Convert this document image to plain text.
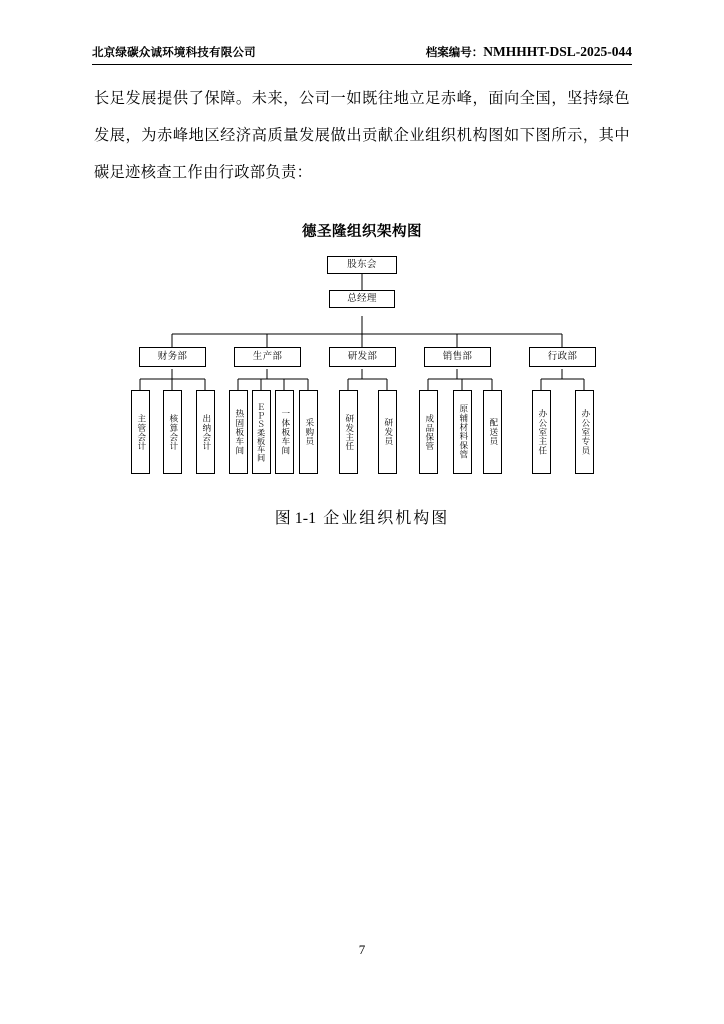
北京绿碳众诚环境科技有限公司	档案编号：NMHHHT-DSL-2025-044
长足发展提供了保障。未来，公司一如既往地立足赤峰，面向全国，坚持绿色发展，为赤峰地区经济高质量发展做出贡献企业组织机构图如下图所示，其中碳足迹核查工作由行政部负责：
德圣隆组织架构图
股东会
总经理
财务部	生产部	研发部	销售部	行政部
主管会计	核算会计	出纳会计	热固板车间	ＥＰＳ柔板车间	一体板车间	采购员	研发主任	研发员	成品保管	原辅材料保管	配送员	办公室主任	办公室专员
图 1-1 企业组织机构图
7
